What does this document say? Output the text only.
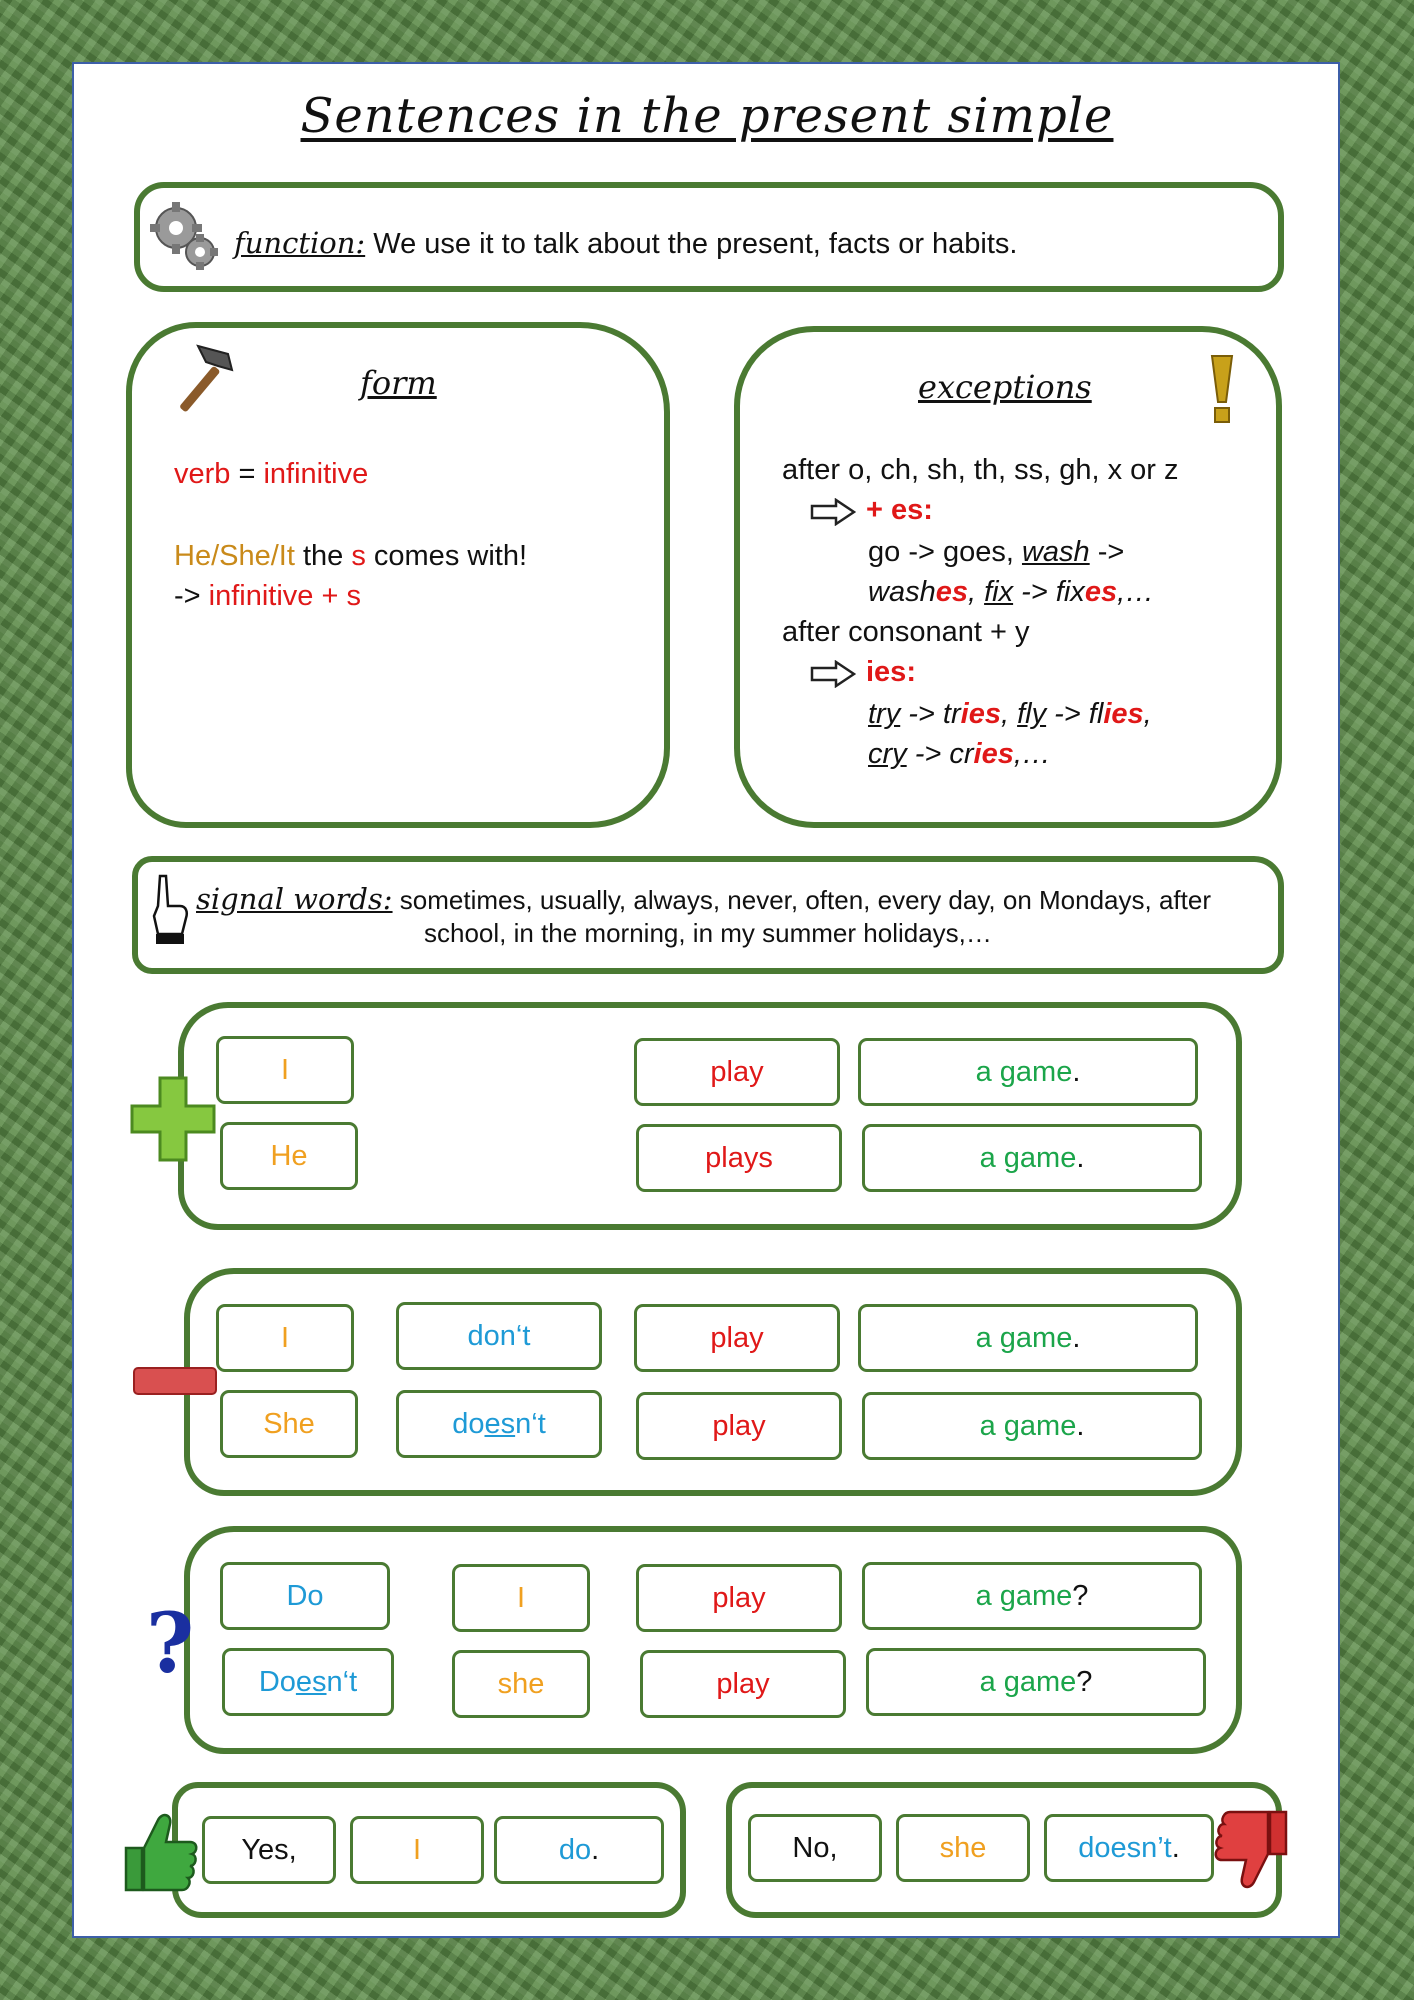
Sentences in the present simple
function: We use it to talk about the present, facts or habits.
form
verb = infinitive
He/She/It the s comes with!
-> infinitive + s
exceptions
after o, ch, sh, th, ss, gh, x or z
+ es:
go -> goes, wash ->
washes, fix -> fixes,…
after consonant + y
ies:
try -> tries, fly -> flies,
cry -> cries,…
signal words: sometimes, usually, always, never, often, every day, on Mondays, after
school, in the morning, in my summer holidays,…
I	play	a game .
He	plays	a game .
I	don‘t	play	a game .
She	do es n‘t	play	a game .
?
Do	I	play	a game ?
Do es n‘t	she	play	a game ?
Yes,	I	do .	No,	she	doesn’t .
